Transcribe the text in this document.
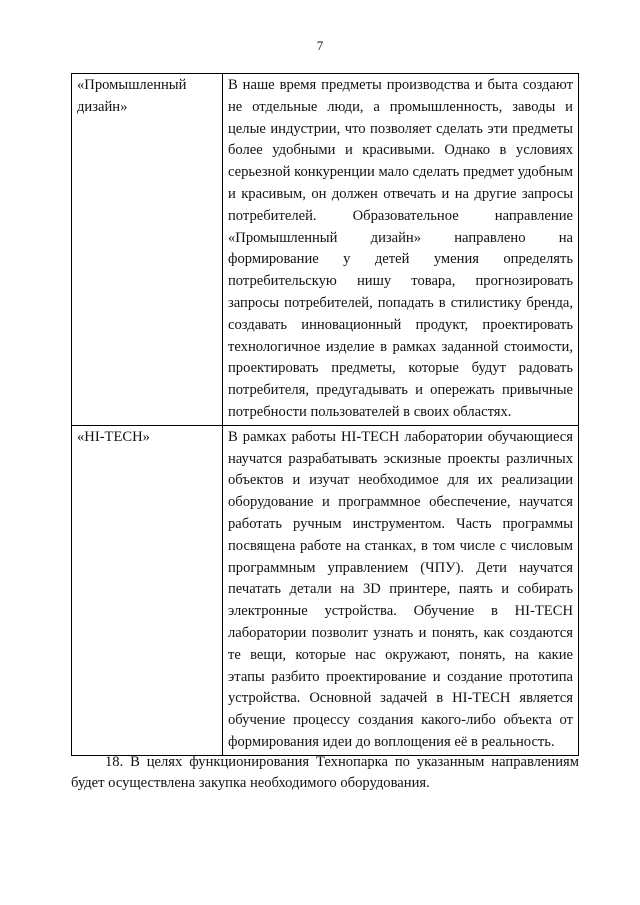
7
«Промышленный дизайн»	В наше время предметы производства и быта создают не отдельные люди, а промышленность, заводы и целые индустрии, что позволяет сделать эти предметы более удобными и красивыми. Однако в условиях серьезной конкуренции мало сделать предмет удобным и красивым, он должен отвечать и на другие запросы потребителей. Образовательное направление «Промышленный дизайн» направлено на формирование у детей умения определять потребительскую нишу товара, прогнозировать запросы потребителей, попадать в стилистику бренда, создавать инновационный продукт, проектировать технологичное изделие в рамках заданной стоимости, проектировать предметы, которые будут радовать потребителя, предугадывать и опережать привычные потребности пользователей в своих областях.
«HI-TECH»	В рамках работы HI-TECH лаборатории обучающиеся научатся разрабатывать эскизные проекты различных объектов и изучат необходимое для их реализации оборудование и программное обеспечение, научатся работать ручным инструментом. Часть программы посвящена работе на станках, в том числе с числовым программным управлением (ЧПУ). Дети научатся печатать детали на 3D принтере, паять и собирать электронные устройства. Обучение в HI-TECH лаборатории позволит узнать и понять, как создаются те вещи, которые нас окружают, понять, на какие этапы разбито проектирование и создание прототипа устройства. Основной задачей в HI-TECH является обучение процессу создания какого-либо объекта от формирования идеи до воплощения её в реальность.

18. В целях функционирования Технопарка по указанным направлениям будет осуществлена закупка необходимого оборудования.
